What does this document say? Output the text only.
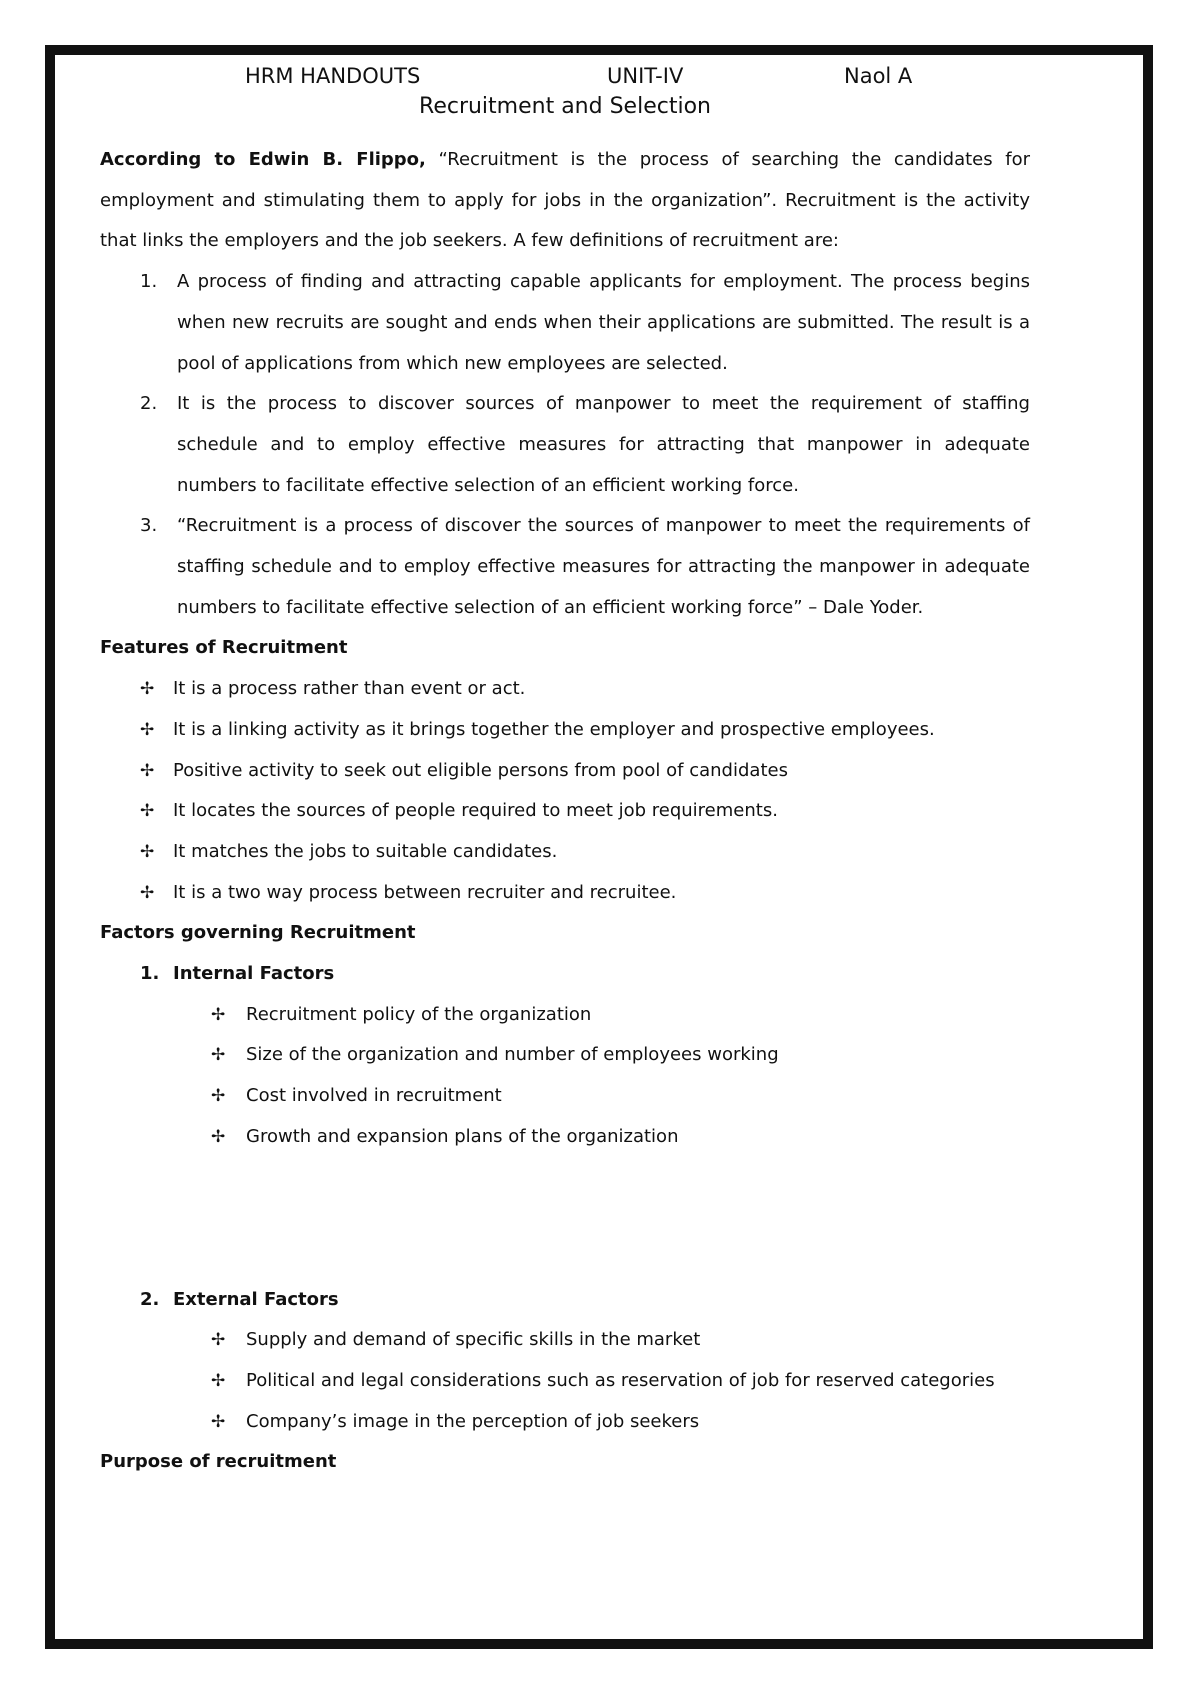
HRM HANDOUTS	UNIT-IV	Naol A
Recruitment and Selection
According to Edwin B. Flippo, “Recruitment is the process of searching the candidates for employment and stimulating them to apply for jobs in the organization”. Recruitment is the activity that links the employers and the job seekers. A few definitions of recruitment are:
1. A process of finding and attracting capable applicants for employment. The process begins when new recruits are sought and ends when their applications are submitted. The result is a pool of applications from which new employees are selected.
2. It is the process to discover sources of manpower to meet the requirement of staffing schedule and to employ effective measures for attracting that manpower in adequate numbers to facilitate effective selection of an efficient working force.
3. “Recruitment is a process of discover the sources of manpower to meet the requirements of staffing schedule and to employ effective measures for attracting the manpower in adequate numbers to facilitate effective selection of an efficient working force” – Dale Yoder.
Features of Recruitment
✢ It is a process rather than event or act.
✢ It is a linking activity as it brings together the employer and prospective employees.
✢ Positive activity to seek out eligible persons from pool of candidates
✢ It locates the sources of people required to meet job requirements.
✢ It matches the jobs to suitable candidates.
✢ It is a two way process between recruiter and recruitee.
Factors governing Recruitment
1. Internal Factors
✢ Recruitment policy of the organization
✢ Size of the organization and number of employees working
✢ Cost involved in recruitment
✢ Growth and expansion plans of the organization
2. External Factors
✢ Supply and demand of specific skills in the market
✢ Political and legal considerations such as reservation of job for reserved categories
✢ Company’s image in the perception of job seekers
Purpose of recruitment
